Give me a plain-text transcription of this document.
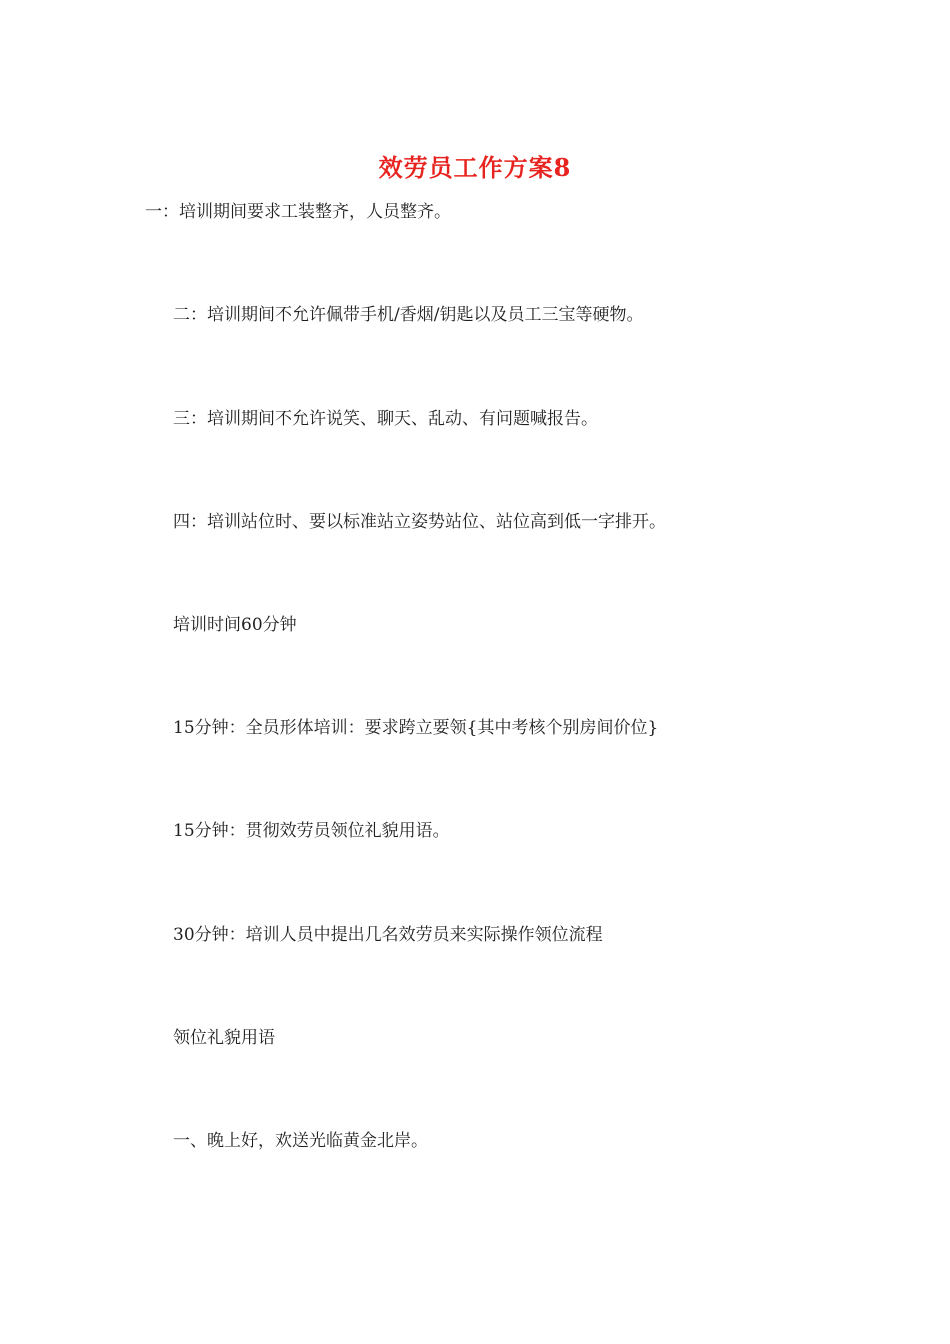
效劳员工作方案8
一：培训期间要求工装整齐，人员整齐。
二：培训期间不允许佩带手机/香烟/钥匙以及员工三宝等硬物。
三：培训期间不允许说笑、聊天、乱动、有问题喊报告。
四：培训站位时、要以标准站立姿势站位、站位高到低一字排开。
培训时间60分钟
15分钟：全员形体培训：要求跨立要领{其中考核个别房间价位}
15分钟：贯彻效劳员领位礼貌用语。
30分钟：培训人员中提出几名效劳员来实际操作领位流程
领位礼貌用语
一、晚上好，欢送光临黄金北岸。
